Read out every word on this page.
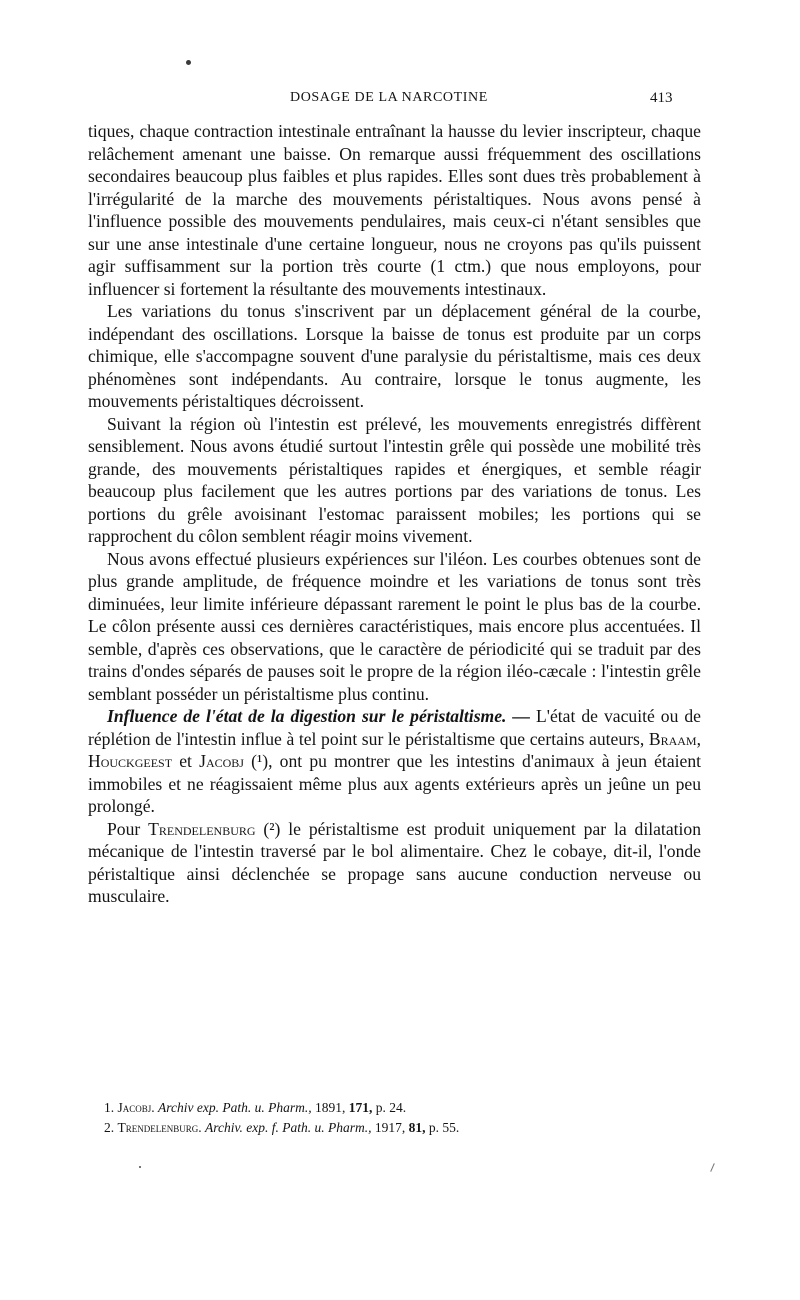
DOSAGE DE LA NARCOTINE	413

tiques, chaque contraction intestinale entraînant la hausse du levier inscripteur, chaque relâchement amenant une baisse. On remarque aussi fréquemment des oscillations secondaires beaucoup plus faibles et plus rapides. Elles sont dues très probablement à l'irrégularité de la marche des mouvements péristaltiques. Nous avons pensé à l'influence possible des mouvements pendulaires, mais ceux-ci n'étant sensibles que sur une anse intestinale d'une certaine longueur, nous ne croyons pas qu'ils puissent agir suffisamment sur la portion très courte (1 ctm.) que nous employons, pour influencer si fortement la résultante des mouvements intestinaux.

Les variations du tonus s'inscrivent par un déplacement général de la courbe, indépendant des oscillations. Lorsque la baisse de tonus est produite par un corps chimique, elle s'accompagne souvent d'une paralysie du péristaltisme, mais ces deux phénomènes sont indépendants. Au contraire, lorsque le tonus augmente, les mouvements péristaltiques décroissent.

Suivant la région où l'intestin est prélevé, les mouvements enregistrés diffèrent sensiblement. Nous avons étudié surtout l'intestin grêle qui possède une mobilité très grande, des mouvements péristaltiques rapides et énergiques, et semble réagir beaucoup plus facilement que les autres portions par des variations de tonus. Les portions du grêle avoisinant l'estomac paraissent mobiles; les portions qui se rapprochent du côlon semblent réagir moins vivement.

Nous avons effectué plusieurs expériences sur l'iléon. Les courbes obtenues sont de plus grande amplitude, de fréquence moindre et les variations de tonus sont très diminuées, leur limite inférieure dépassant rarement le point le plus bas de la courbe. Le côlon présente aussi ces dernières caractéristiques, mais encore plus accentuées. Il semble, d'après ces observations, que le caractère de périodicité qui se traduit par des trains d'ondes séparés de pauses soit le propre de la région iléo-cæcale : l'intestin grêle semblant posséder un péristaltisme plus continu.

Influence de l'état de la digestion sur le péristaltisme. — L'état de vacuité ou de réplétion de l'intestin influe à tel point sur le péristaltisme que certains auteurs, Braam, Houckgeest et Jacobj (¹), ont pu montrer que les intestins d'animaux à jeun étaient immobiles et ne réagissaient même plus aux agents extérieurs après un jeûne un peu prolongé.

Pour Trendelenburg (²) le péristaltisme est produit uniquement par la dilatation mécanique de l'intestin traversé par le bol alimentaire. Chez le cobaye, dit-il, l'onde péristaltique ainsi déclenchée se propage sans aucune conduction nerveuse ou musculaire.

1. Jacobj. Archiv exp. Path. u. Pharm., 1891, 171, p. 24.

2. Trendelenburg. Archiv. exp. f. Path. u. Pharm., 1917, 81, p. 55.
